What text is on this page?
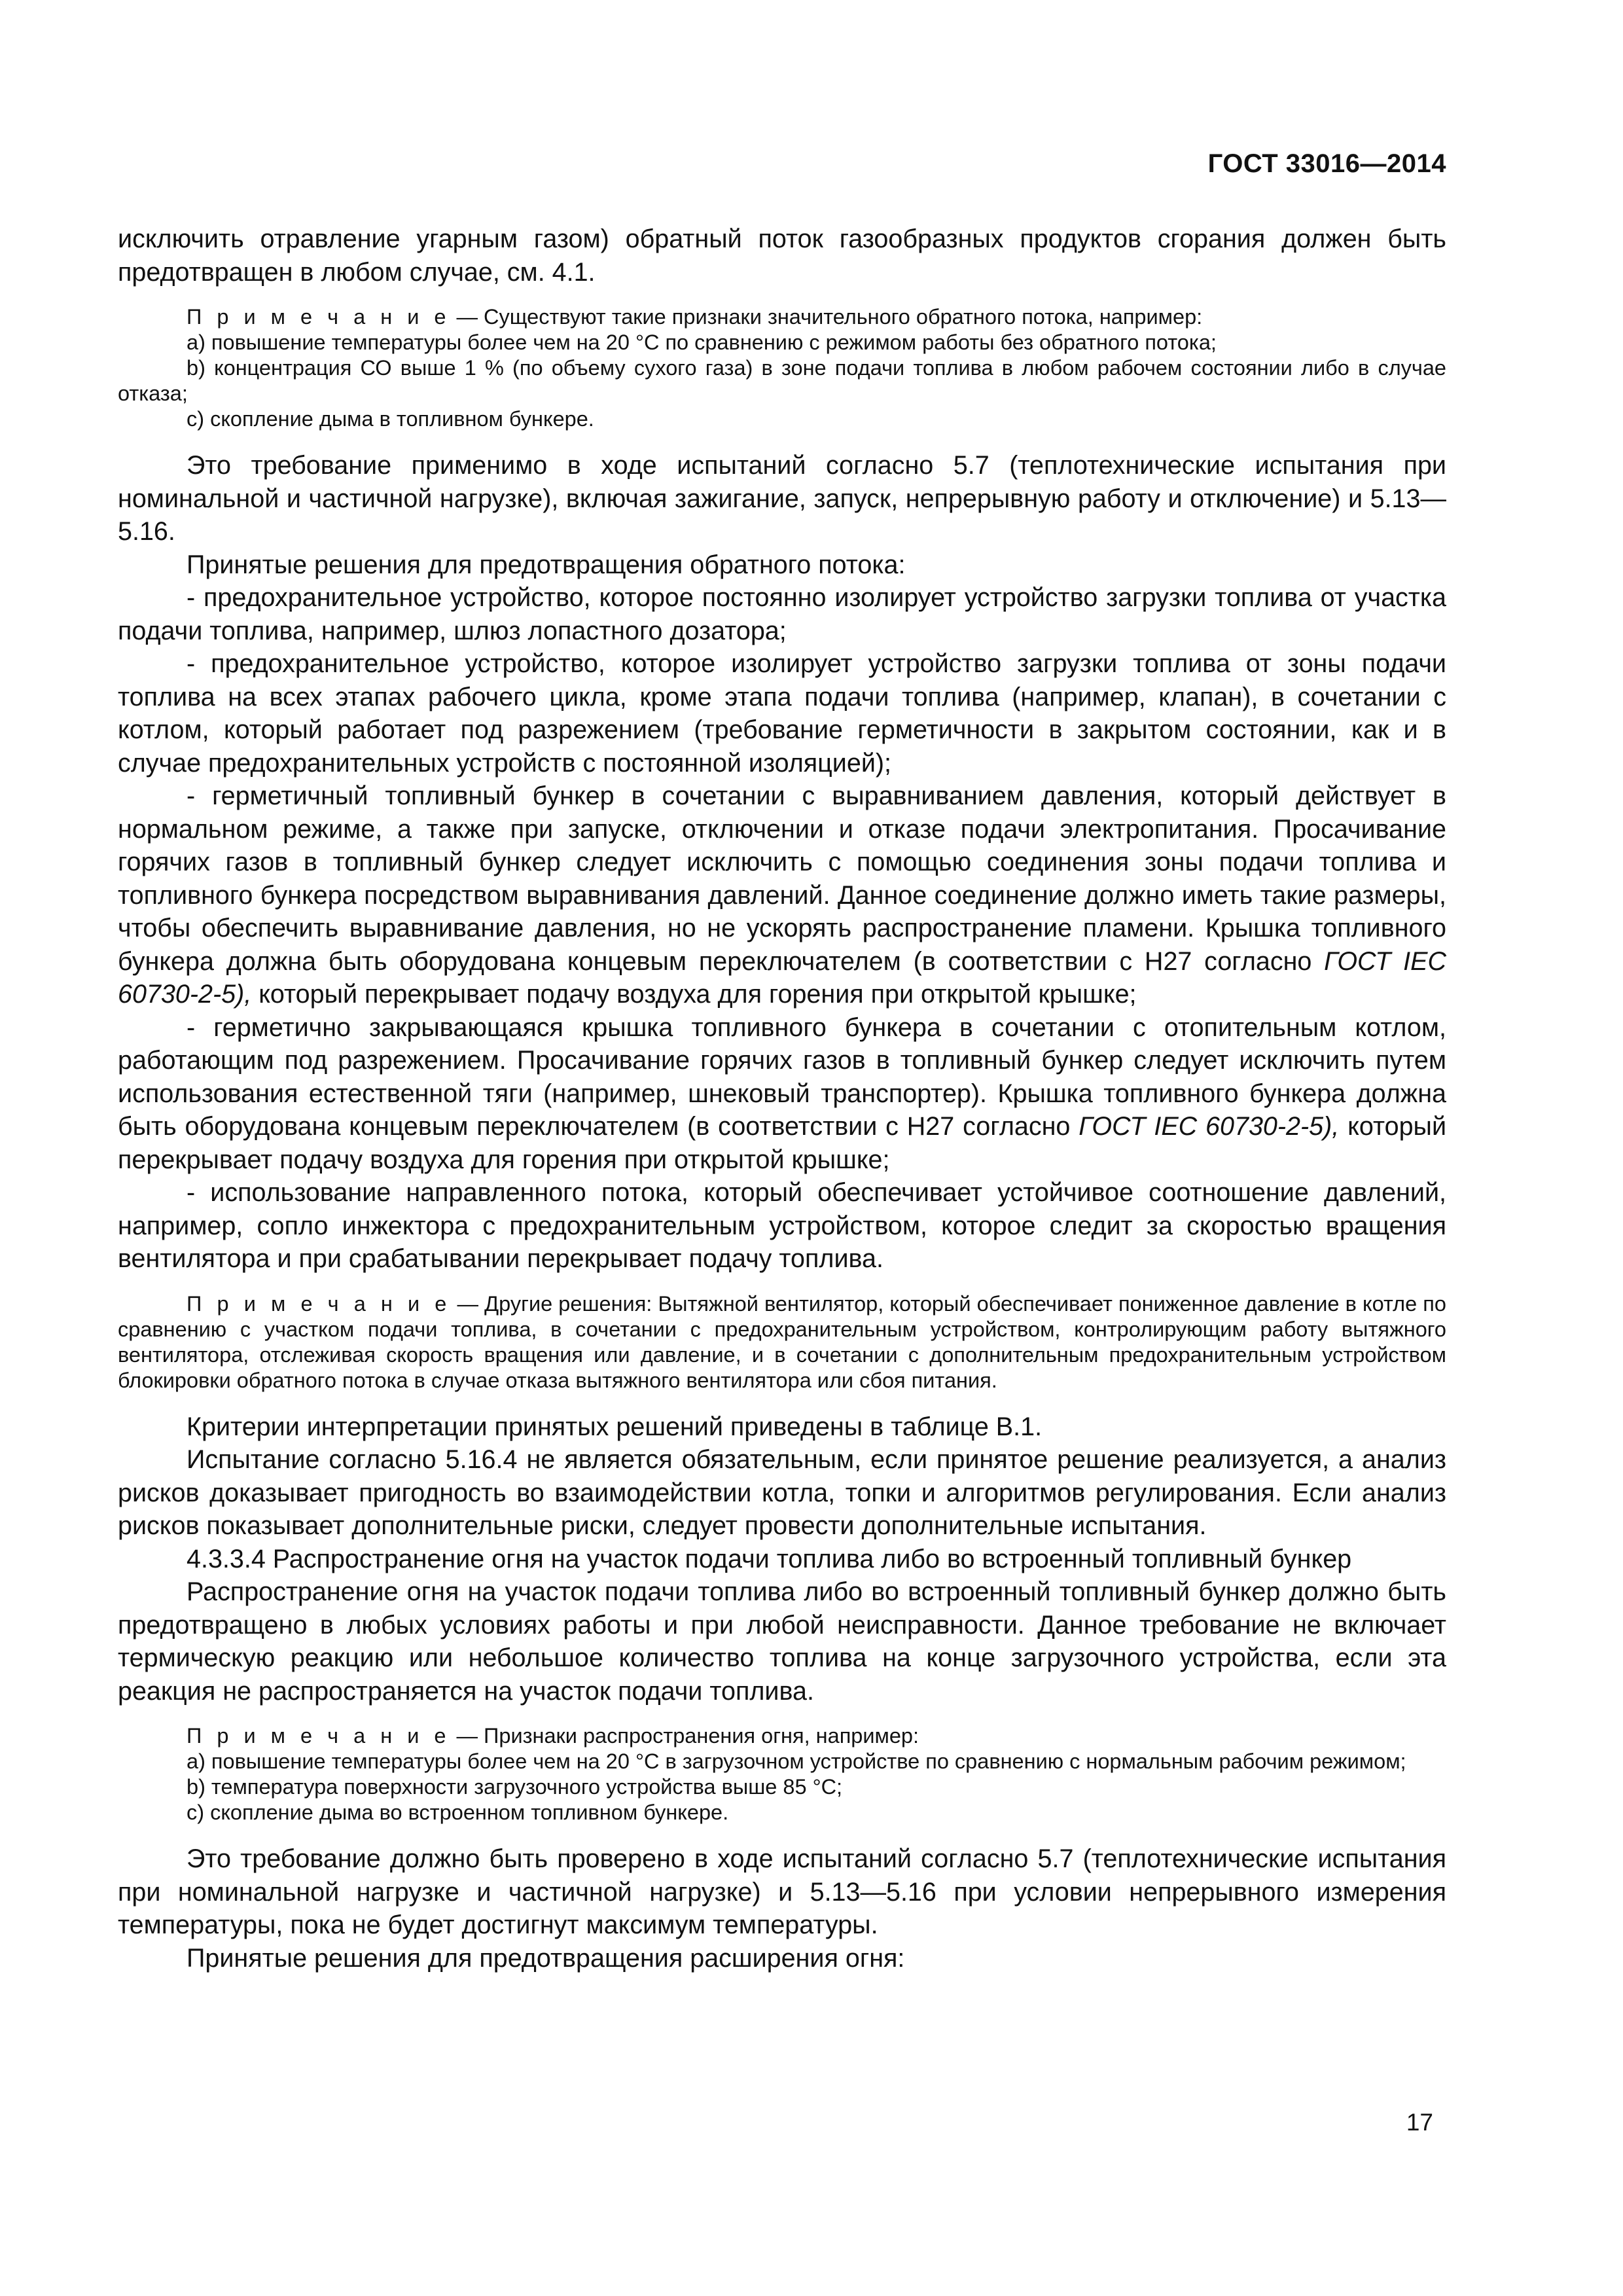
ГОСТ 33016—2014

исключить отравление угарным газом) обратный поток газообразных продуктов сгорания должен быть предотвращен в любом случае, см. 4.1.

П р и м е ч а н и е — Существуют такие признаки значительного обратного потока, например:
a) повышение температуры более чем на 20 °С по сравнению с режимом работы без обратного потока;
b) концентрация СО выше 1 % (по объему сухого газа) в зоне подачи топлива в любом рабочем состоянии либо в случае отказа;
c) скопление дыма в топливном бункере.

Это требование применимо в ходе испытаний согласно 5.7 (теплотехнические испытания при номинальной и частичной нагрузке), включая зажигание, запуск, непрерывную работу и отключение) и 5.13—5.16.

Принятые решения для предотвращения обратного потока:

- предохранительное устройство, которое постоянно изолирует устройство загрузки топлива от участка подачи топлива, например, шлюз лопастного дозатора;

- предохранительное устройство, которое изолирует устройство загрузки топлива от зоны подачи топлива на всех этапах рабочего цикла, кроме этапа подачи топлива (например, клапан), в сочетании с котлом, который работает под разрежением (требование герметичности в закрытом состоянии, как и в случае предохранительных устройств с постоянной изоляцией);

- герметичный топливный бункер в сочетании с выравниванием давления, который действует в нормальном режиме, а также при запуске, отключении и отказе подачи электропитания. Просачивание горячих газов в топливный бункер следует исключить с помощью соединения зоны подачи топлива и топливного бункера посредством выравнивания давлений. Данное соединение должно иметь такие размеры, чтобы обеспечить выравнивание давления, но не ускорять распространение пламени. Крышка топливного бункера должна быть оборудована концевым переключателем (в соответствии с Н27 согласно ГОСТ IEC 60730-2-5), который перекрывает подачу воздуха для горения при открытой крышке;

- герметично закрывающаяся крышка топливного бункера в сочетании с отопительным котлом, работающим под разрежением. Просачивание горячих газов в топливный бункер следует исключить путем использования естественной тяги (например, шнековый транспортер). Крышка топливного бункера должна быть оборудована концевым переключателем (в соответствии с Н27 согласно ГОСТ IEC 60730-2-5), который перекрывает подачу воздуха для горения при открытой крышке;

- использование направленного потока, который обеспечивает устойчивое соотношение давлений, например, сопло инжектора с предохранительным устройством, которое следит за скоростью вращения вентилятора и при срабатывании перекрывает подачу топлива.

П р и м е ч а н и е — Другие решения: Вытяжной вентилятор, который обеспечивает пониженное давление в котле по сравнению с участком подачи топлива, в сочетании с предохранительным устройством, контролирующим работу вытяжного вентилятора, отслеживая скорость вращения или давление, и в сочетании с дополнительным предохранительным устройством блокировки обратного потока в случае отказа вытяжного вентилятора или сбоя питания.

Критерии интерпретации принятых решений приведены в таблице В.1.

Испытание согласно 5.16.4 не является обязательным, если принятое решение реализуется, а анализ рисков доказывает пригодность во взаимодействии котла, топки и алгоритмов регулирования. Если анализ рисков показывает дополнительные риски, следует провести дополнительные испытания.

4.3.3.4 Распространение огня на участок подачи топлива либо во встроенный топливный бункер

Распространение огня на участок подачи топлива либо во встроенный топливный бункер должно быть предотвращено в любых условиях работы и при любой неисправности. Данное требование не включает термическую реакцию или небольшое количество топлива на конце загрузочного устройства, если эта реакция не распространяется на участок подачи топлива.

П р и м е ч а н и е — Признаки распространения огня, например:
a) повышение температуры более чем на 20 °С в загрузочном устройстве по сравнению с нормальным рабочим режимом;
b) температура поверхности загрузочного устройства выше 85 °С;
c) скопление дыма во встроенном топливном бункере.

Это требование должно быть проверено в ходе испытаний согласно 5.7 (теплотехнические испытания при номинальной нагрузке и частичной нагрузке) и 5.13—5.16 при условии непрерывного измерения температуры, пока не будет достигнут максимум температуры.

Принятые решения для предотвращения расширения огня:

17
